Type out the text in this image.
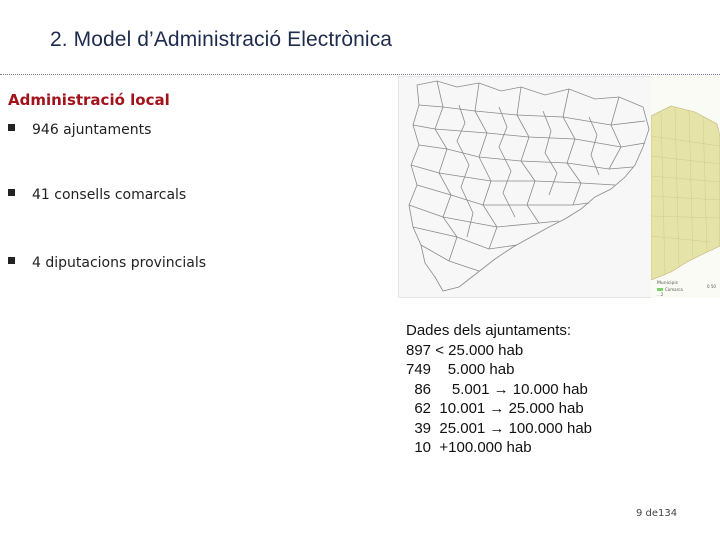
2. Model d’Administració Electrònica
Administració local
946 ajuntaments
41 consells comarcals
4 diputacions provincials
Municipis
Comarca
...2
0 50
Dades dels ajuntaments:
897 < 25.000 hab
749    5.000 hab
86     5.001 → 10.000 hab
62 10.001 → 25.000 hab
39 25.001 → 100.000 hab
10 +100.000 hab
9 de134
